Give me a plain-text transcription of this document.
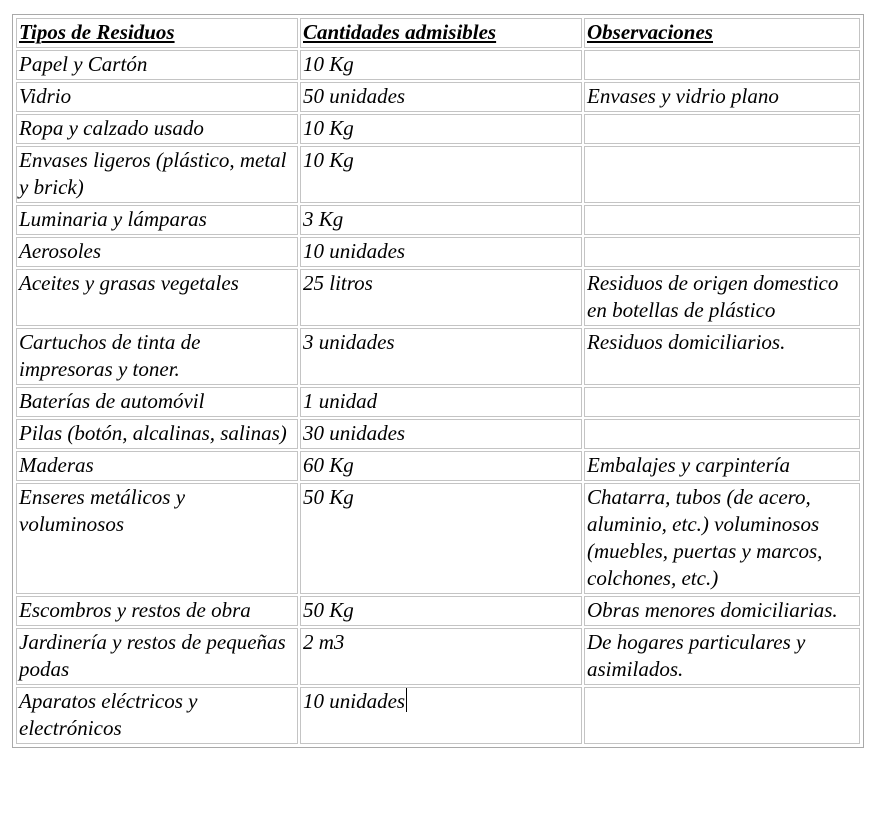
Tipos de Residuos	Cantidades admisibles	Observaciones
Papel y Cartón	10 Kg	
Vidrio	50 unidades	Envases y vidrio plano
Ropa y calzado usado	10 Kg	
Envases ligeros (plástico, metal y brick)	10 Kg	
Luminaria y lámparas	3 Kg	
Aerosoles	10 unidades	
Aceites y grasas vegetales	25 litros	Residuos de origen domestico en botellas de plástico
Cartuchos de tinta de impresoras y toner.	3 unidades	Residuos domiciliarios.
Baterías de automóvil	1 unidad	
Pilas (botón, alcalinas, salinas)	30 unidades	
Maderas	60 Kg	Embalajes y carpintería
Enseres metálicos y voluminosos	50 Kg	Chatarra, tubos (de acero, aluminio, etc.) voluminosos (muebles, puertas y marcos, colchones, etc.)
Escombros y restos de obra	50 Kg	Obras menores domiciliarias.
Jardinería y restos de pequeñas podas	2 m3	De hogares particulares y asimilados.
Aparatos eléctricos y electrónicos	10 unidades	
